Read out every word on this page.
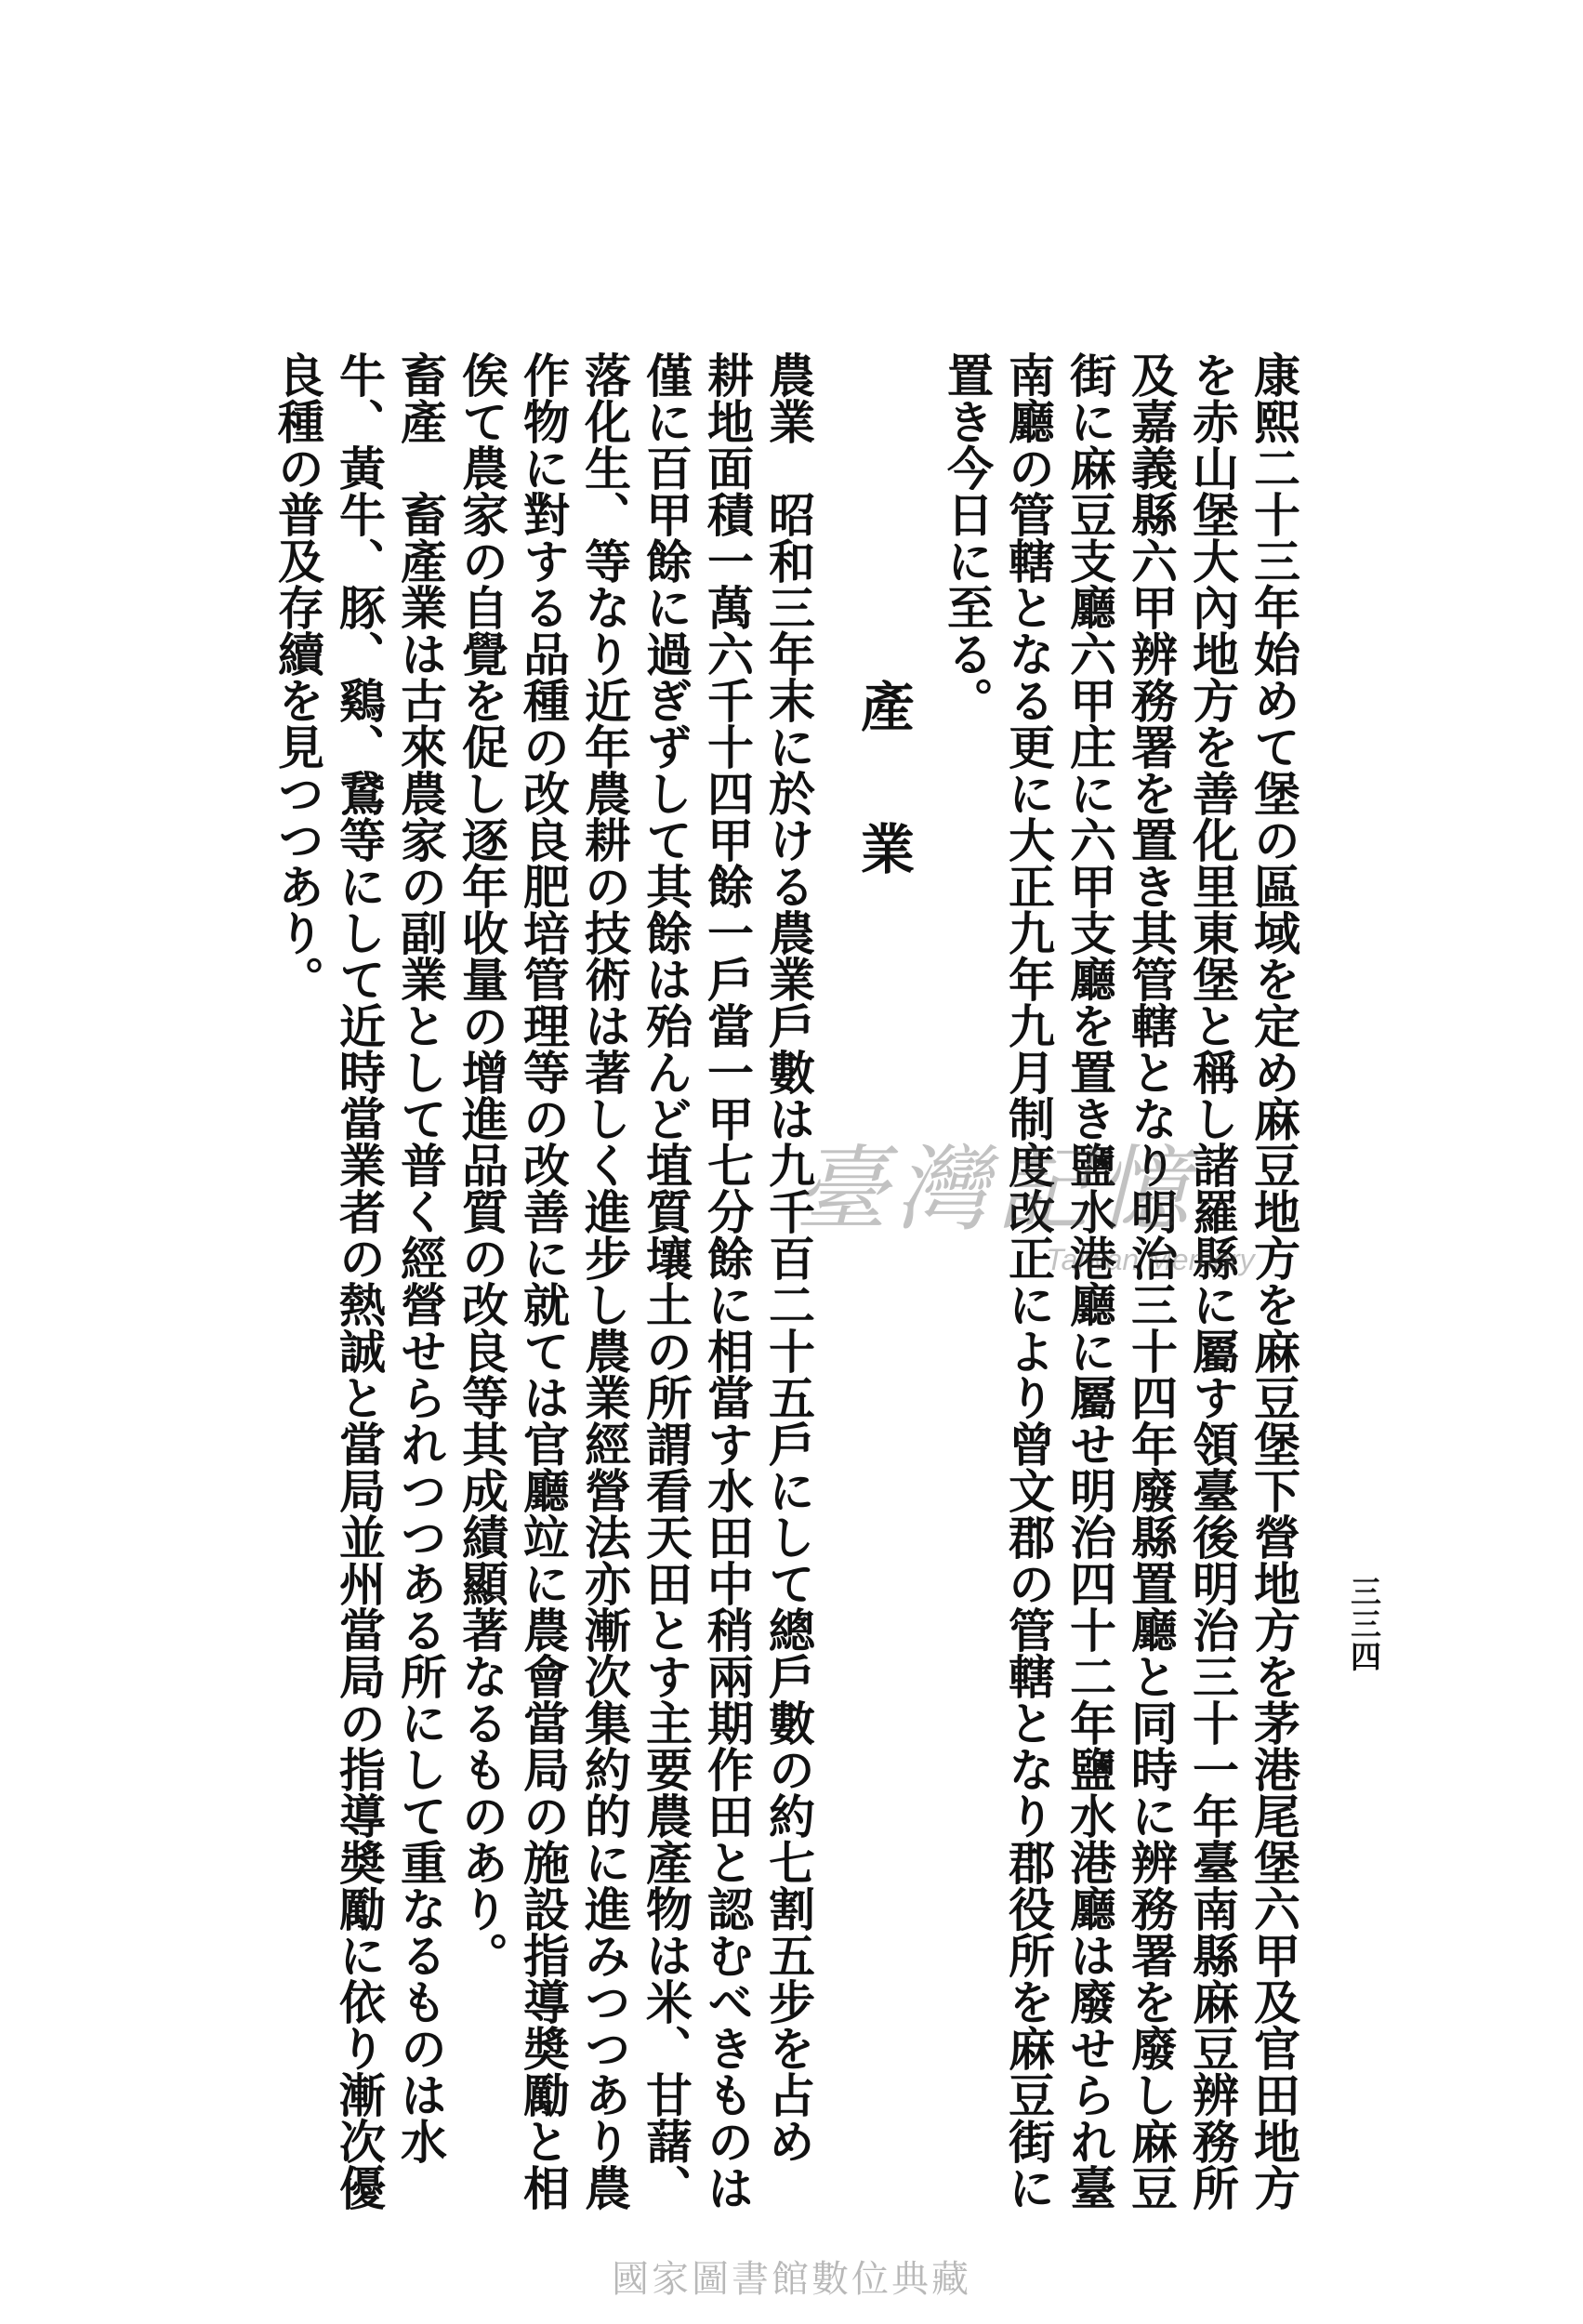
三三四

康熙二十三年始めて堡の區域を定め麻豆地方を麻豆堡下營地方を茅港尾堡六甲及官田地方

を赤山堡大內地方を善化里東堡と稱し諸羅縣に屬す領臺後明治三十一年臺南縣麻豆辨務所

及嘉義縣六甲辨務署を置き其管轄となり明治三十四年廢縣置廳と同時に辨務署を廢し麻豆

街に麻豆支廳六甲庄に六甲支廳を置き鹽水港廳に屬せ明治四十二年鹽水港廳は廢せられ臺

南廳の管轄となる更に大正九年九月制度改正により曾文郡の管轄となり郡役所を麻豆街に

置き今日に至る。

農業　昭和三年末に於ける農業戶數は九千百二十五戶にして總戶數の約七割五步を占め

耕地面積一萬六千十四甲餘一戶當一甲七分餘に相當す水田中稍兩期作田と認むべきものは

僅に百甲餘に過ぎずして其餘は殆んど埴質壤土の所謂看天田とす主要農產物は米、甘藷、

落化生、等なり近年農耕の技術は著しく進步し農業經營法亦漸次集約的に進みつつあり農

作物に對する品種の改良肥培管理等の改善に就ては官廳竝に農會當局の施設指導奬勵と相

俟て農家の自覺を促し逐年收量の增進品質の改良等其成績顯著なるものあり。

畜產　畜產業は古來農家の副業として普く經營せられつつある所にして重なるものは水

牛、黃牛、豚、鷄、鵞等にして近時當業者の熱誠と當局並州當局の指導奬勵に依り漸次優

良種の普及存續を見つつあり。	產業
臺灣記憶
Taiwan Memory
國家圖書館數位典藏
